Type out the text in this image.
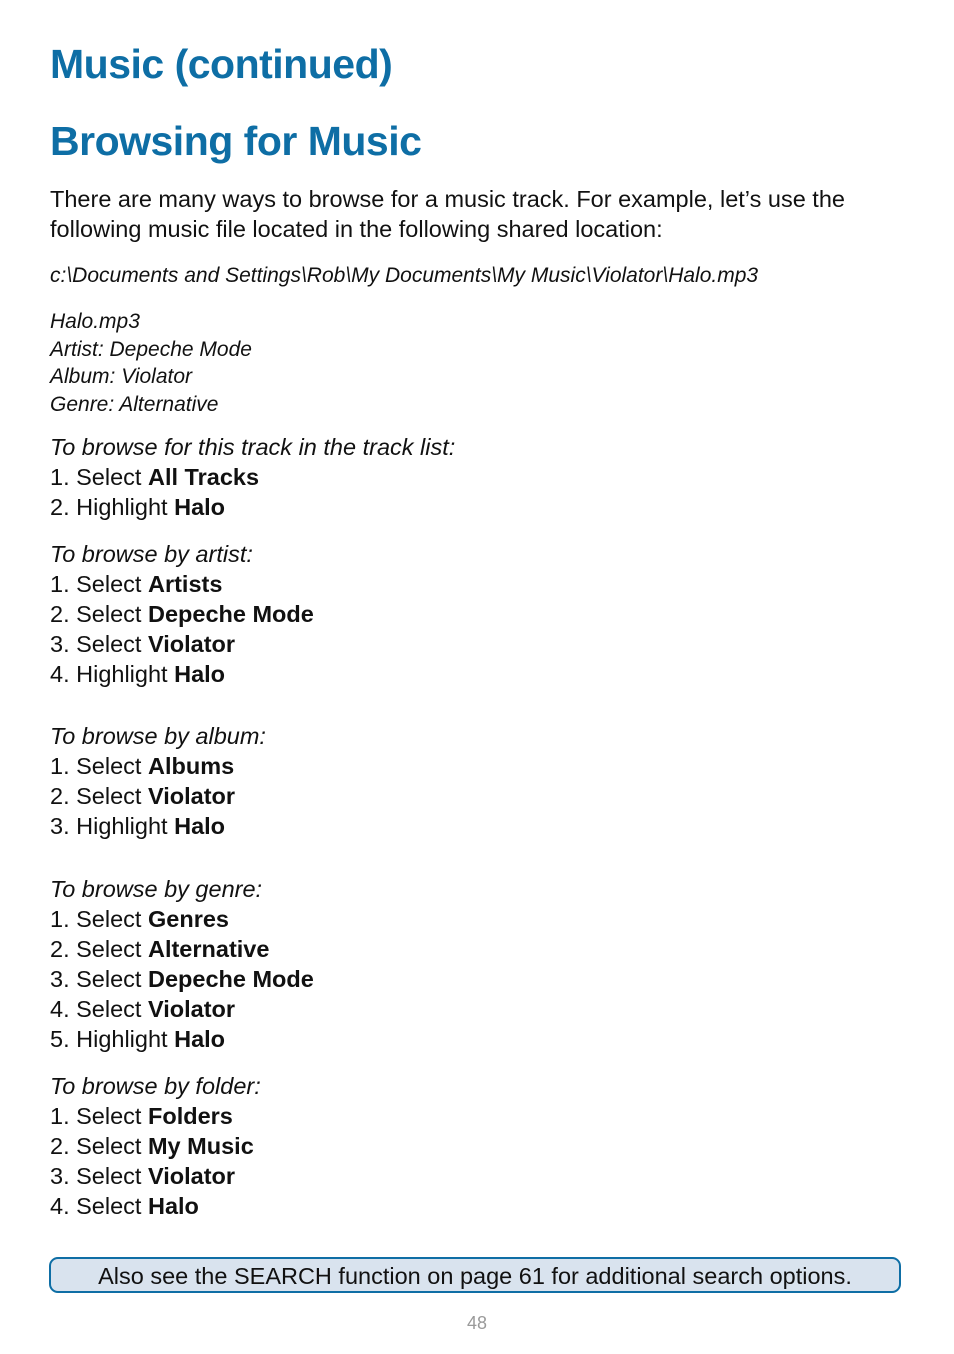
Music (continued)
Browsing for Music

There are many ways to browse for a music track. For example, let’s use the following music file located in the following shared location:

c:\Documents and Settings\Rob\My Documents\My Music\Violator\Halo.mp3
Halo.mp3
Artist: Depeche Mode
Album: Violator
Genre: Alternative
To browse for this track in the track list:
1. Select All Tracks
2. Highlight Halo
To browse by artist:
1. Select Artists
2. Select Depeche Mode
3. Select Violator
4. Highlight Halo
To browse by album:
1. Select Albums
2. Select Violator
3. Highlight Halo
To browse by genre:
1. Select Genres
2. Select Alternative
3. Select Depeche Mode
4. Select Violator
5. Highlight Halo
To browse by folder:
1. Select Folders
2. Select My Music
3. Select Violator
4. Select Halo
Also see the SEARCH function on page 61 for additional search options.
48
